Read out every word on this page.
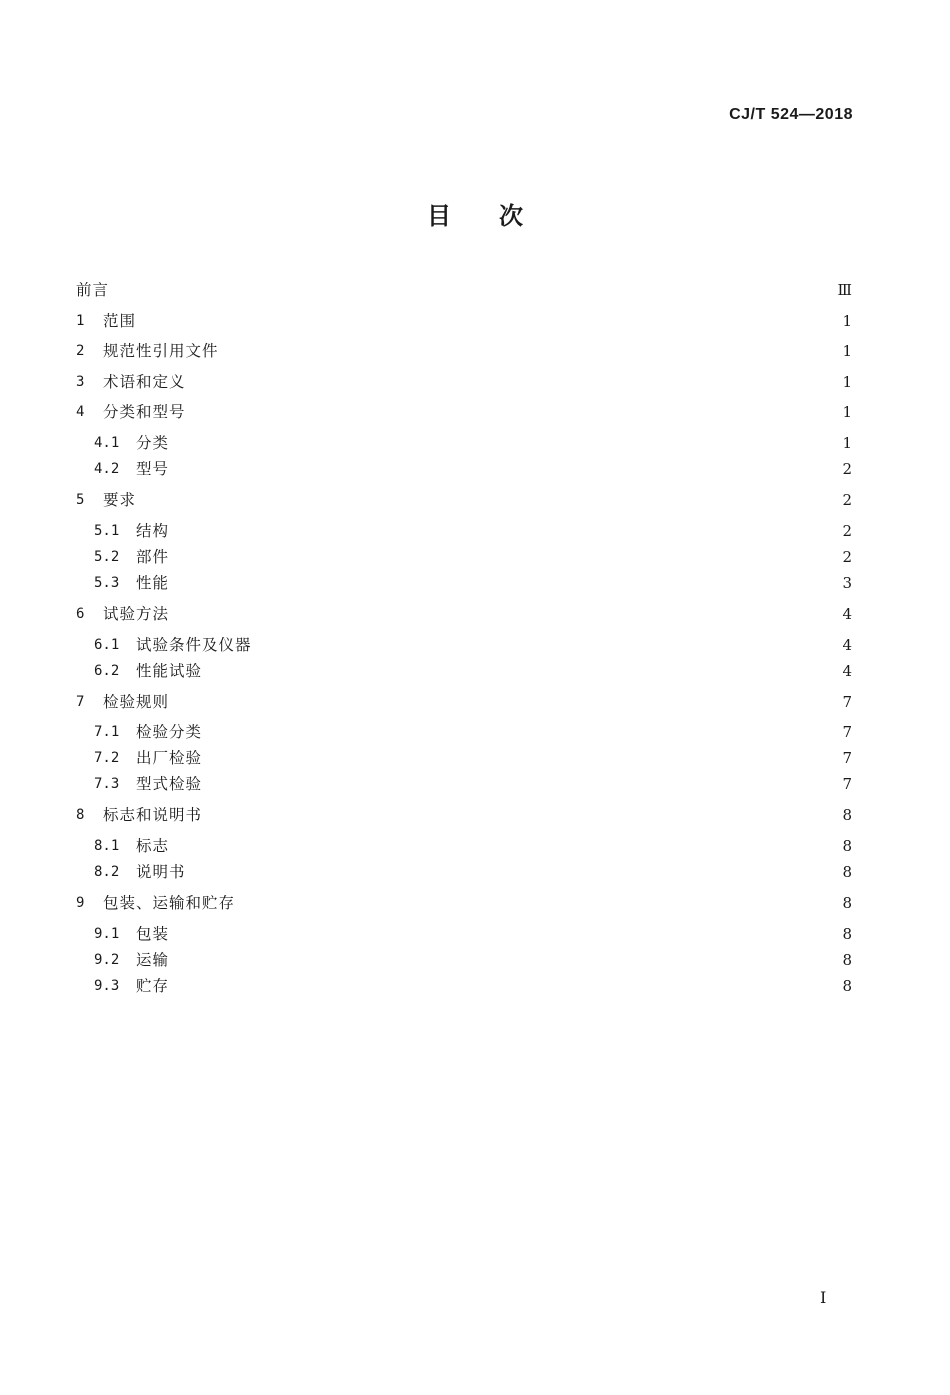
CJ/T 524—2018
目次
前言	Ⅲ
1	范围	1
2	规范性引用文件	1
3	术语和定义	1
4	分类和型号	1
4.1	分类	1
4.2	型号	2
5	要求	2
5.1	结构	2
5.2	部件	2
5.3	性能	3
6	试验方法	4
6.1	试验条件及仪器	4
6.2	性能试验	4
7	检验规则	7
7.1	检验分类	7
7.2	出厂检验	7
7.3	型式检验	7
8	标志和说明书	8
8.1	标志	8
8.2	说明书	8
9	包装、运输和贮存	8
9.1	包装	8
9.2	运输	8
9.3	贮存	8
I
